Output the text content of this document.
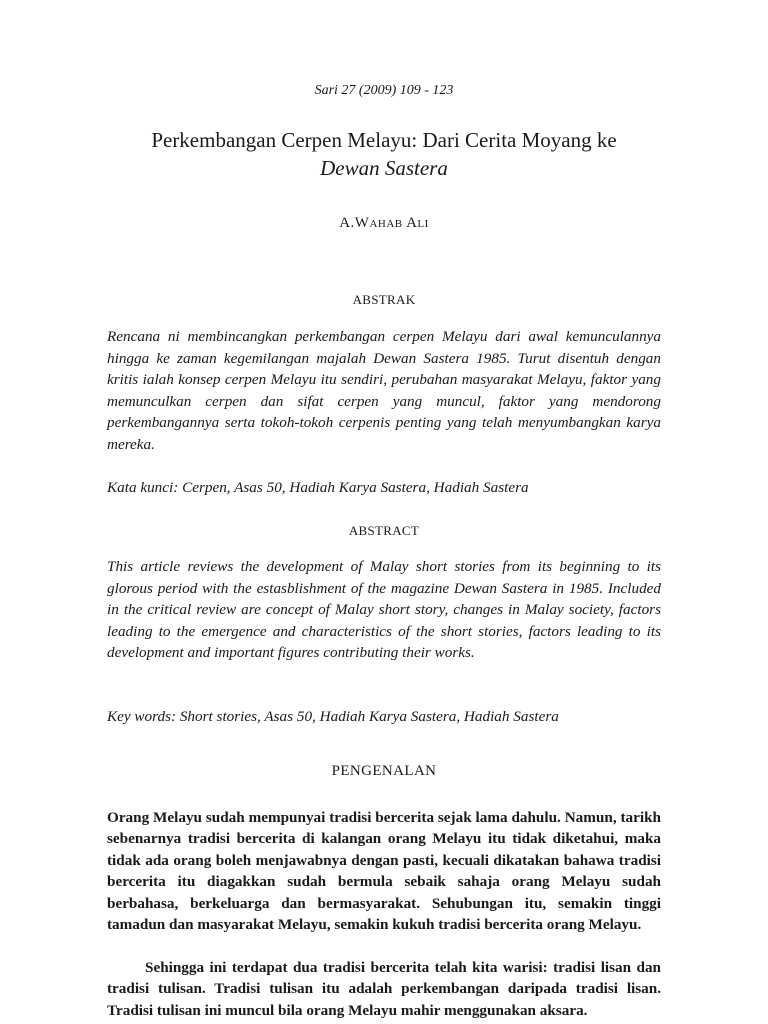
Sari 27 (2009) 109 - 123
Perkembangan Cerpen Melayu: Dari Cerita Moyang ke
Dewan Sastera
A.Wahab Ali
ABSTRAK

Rencana ni membincangkan perkembangan cerpen Melayu dari awal kemunculannya hingga ke zaman kegemilangan majalah Dewan Sastera 1985. Turut disentuh dengan kritis ialah konsep cerpen Melayu itu sendiri, perubahan masyarakat Melayu, faktor yang memunculkan cerpen dan sifat cerpen yang muncul, faktor yang mendorong perkembangannya serta tokoh-tokoh cerpenis penting yang telah menyumbangkan karya mereka.

Kata kunci: Cerpen, Asas 50, Hadiah Karya Sastera, Hadiah Sastera
ABSTRACT

This article reviews the development of Malay short stories from its beginning to its glorous period with the estasblishment of the magazine Dewan Sastera in 1985. Included in the critical review are concept of Malay short story, changes in Malay society, factors leading to the emergence and characteristics of the short stories, factors leading to its development and important figures contributing their works.

Key words: Short stories, Asas 50, Hadiah Karya Sastera, Hadiah Sastera
PENGENALAN

Orang Melayu sudah mempunyai tradisi bercerita sejak lama dahulu. Namun, tarikh sebenarnya tradisi bercerita di kalangan orang Melayu itu tidak diketahui, maka tidak ada orang boleh menjawabnya dengan pasti, kecuali dikatakan bahawa tradisi bercerita itu diagakkan sudah bermula sebaik sahaja orang Melayu sudah berbahasa, berkeluarga dan bermasyarakat. Sehubungan itu, semakin tinggi tamadun dan masyarakat Melayu, semakin kukuh tradisi bercerita orang Melayu.

Sehingga ini terdapat dua tradisi bercerita telah kita warisi: tradisi lisan dan tradisi tulisan. Tradisi tulisan itu adalah perkembangan daripada tradisi lisan. Tradisi tulisan ini muncul bila orang Melayu mahir menggunakan aksara.
